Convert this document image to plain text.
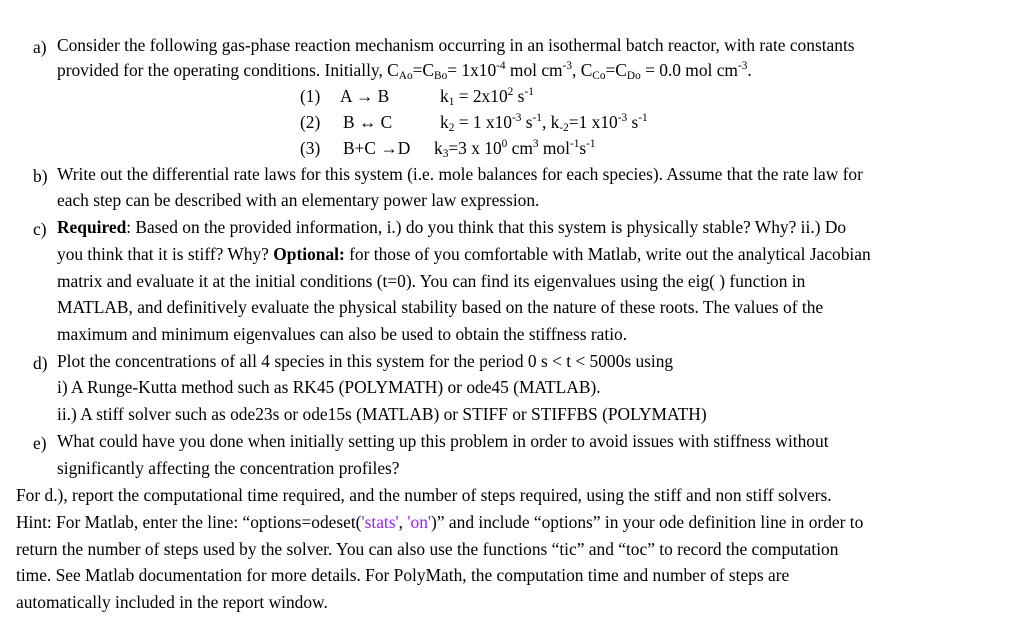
a) Consider the following gas-phase reaction mechanism occurring in an isothermal batch reactor, with rate constants
provided for the operating conditions. Initially, $C_{Ao}=C_{Bo}= 1x10^{-4}$ mol $cm^{-3}$, $C_{Co}=C_{Do} = 0.0$ mol $cm^{-3}$.
(1) A → B	$k_1 = 2x10^2$ $s^{-1}$
(2) B ↔ C	$k_2 = 1$ $x10^{-3}$ $s^{-1}$, $k_{-2}=1$ $x10^{-3}$ $s^{-1}$
(3) B+C →D $k_3=3$ x $10^0$ $cm^3$ $mol^{-1}s^{-1}$
b) Write out the differential rate laws for this system (i.e. mole balances for each species). Assume that the rate law for
each step can be described with an elementary power law expression.
c) Required: Based on the provided information, i.) do you think that this system is physically stable? Why? ii.) Do
you think that it is stiff? Why? Optional: for those of you comfortable with Matlab, write out the analytical Jacobian
matrix and evaluate it at the initial conditions (t=0). You can find its eigenvalues using the eig( ) function in
MATLAB, and definitively evaluate the physical stability based on the nature of these roots. The values of the
maximum and minimum eigenvalues can also be used to obtain the stiffness ratio.
d) Plot the concentrations of all 4 species in this system for the period 0 s < t < 5000s using
i) A Runge-Kutta method such as RK45 (POLYMATH) or ode45 (MATLAB).
ii.) A stiff solver such as ode23s or ode15s (MATLAB) or STIFF or STIFFBS (POLYMATH)
e) What could have you done when initially setting up this problem in order to avoid issues with stiffness without
significantly affecting the concentration profiles?
For d.), report the computational time required, and the number of steps required, using the stiff and non stiff solvers.
Hint: For Matlab, enter the line: “options=odeset('stats', 'on')” and include “options” in your ode definition line in order to
return the number of steps used by the solver. You can also use the functions “tic” and “toc” to record the computation
time. See Matlab documentation for more details. For PolyMath, the computation time and number of steps are
automatically included in the report window.
